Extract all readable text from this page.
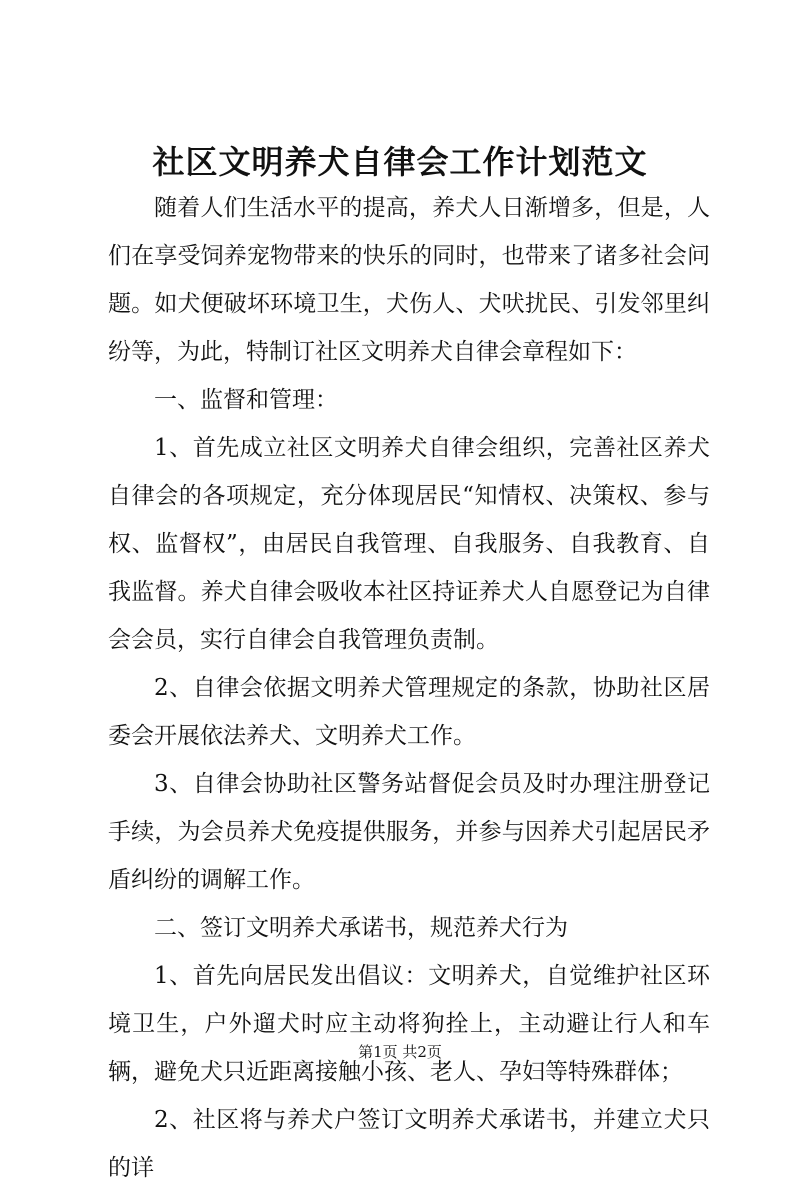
社区文明养犬自律会工作计划范文

随着人们生活水平的提高，养犬人日渐增多，但是，人们在享受饲养宠物带来的快乐的同时，也带来了诸多社会问题。如犬便破坏环境卫生，犬伤人、犬吠扰民、引发邻里纠纷等，为此，特制订社区文明养犬自律会章程如下：

一、监督和管理：

1、首先成立社区文明养犬自律会组织，完善社区养犬自律会的各项规定，充分体现居民“知情权、决策权、参与权、监督权”，由居民自我管理、自我服务、自我教育、自我监督。养犬自律会吸收本社区持证养犬人自愿登记为自律会会员，实行自律会自我管理负责制。

2、自律会依据文明养犬管理规定的条款，协助社区居委会开展依法养犬、文明养犬工作。

3、自律会协助社区警务站督促会员及时办理注册登记手续，为会员养犬免疫提供服务，并参与因养犬引起居民矛盾纠纷的调解工作。

二、签订文明养犬承诺书，规范养犬行为

1、首先向居民发出倡议：文明养犬，自觉维护社区环境卫生，户外遛犬时应主动将狗拴上，主动避让行人和车辆，避免犬只近距离接触小孩、老人、孕妇等特殊群体；

2、社区将与养犬户签订文明养犬承诺书，并建立犬只的详

第1页 共2页
